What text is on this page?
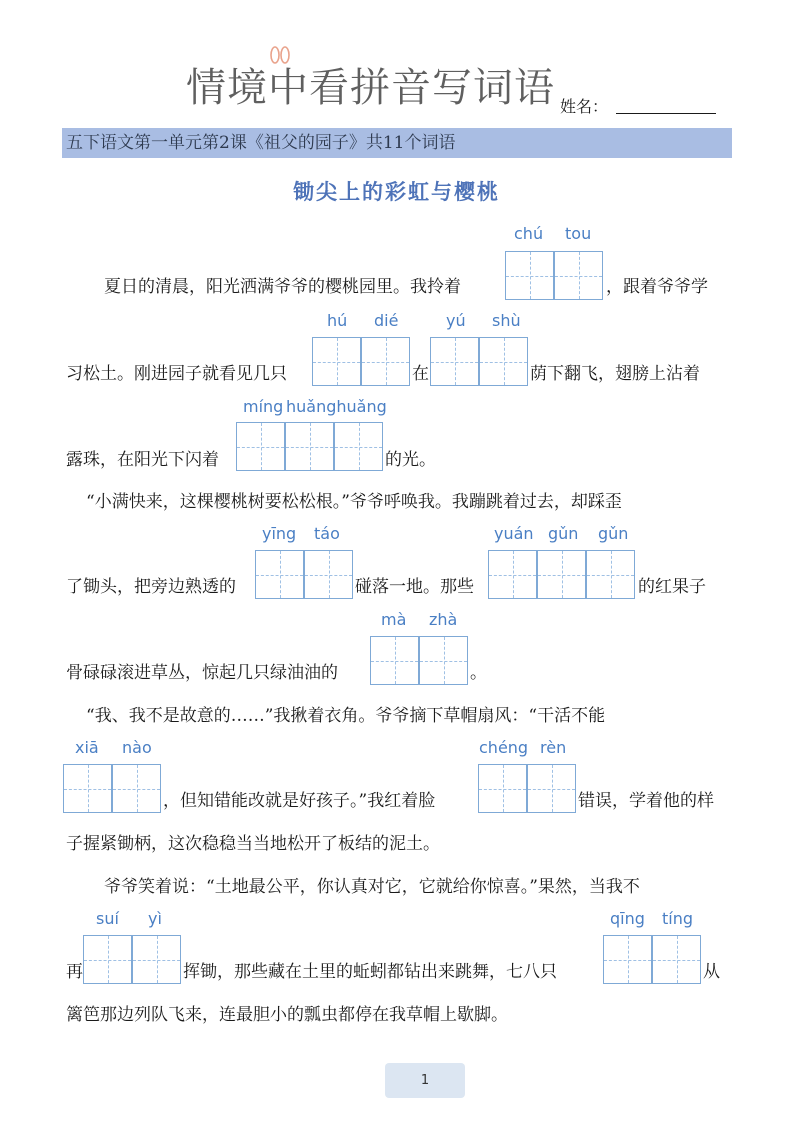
情境中看拼音写词语 姓名：
五下语文第一单元第2课《祖父的园子》共11个词语
锄尖上的彩虹与樱桃
夏日的清晨，阳光洒满爷爷的樱桃园里。我拎着
chú tou
，跟着爷爷学
习松土。刚进园子就看见几只
hú dié
在
yú shù
荫下翻飞，翅膀上沾着
露珠，在阳光下闪着
míng huǎnghuǎng
的光。
“小满快来，这棵樱桃树要松松根。”爷爷呼唤我。我蹦跳着过去，却踩歪
了锄头，把旁边熟透的
yīng táo
碰落一地。那些
yuán gǔn gǔn
的红果子
骨碌碌滚进草丛，惊起几只绿油油的
mà zhà
。
“我、我不是故意的……”我揪着衣角。爷爷摘下草帽扇风：“干活不能
xiā nào
，但知错能改就是好孩子。”我红着脸
chéng rèn
错误，学着他的样
子握紧锄柄，这次稳稳当当地松开了板结的泥土。
爷爷笑着说：“土地最公平，你认真对它，它就给你惊喜。”果然，当我不
再
suí yì
挥锄，那些藏在土里的蚯蚓都钻出来跳舞，七八只
qīng tíng
从
篱笆那边列队飞来，连最胆小的瓢虫都停在我草帽上歇脚。
1
